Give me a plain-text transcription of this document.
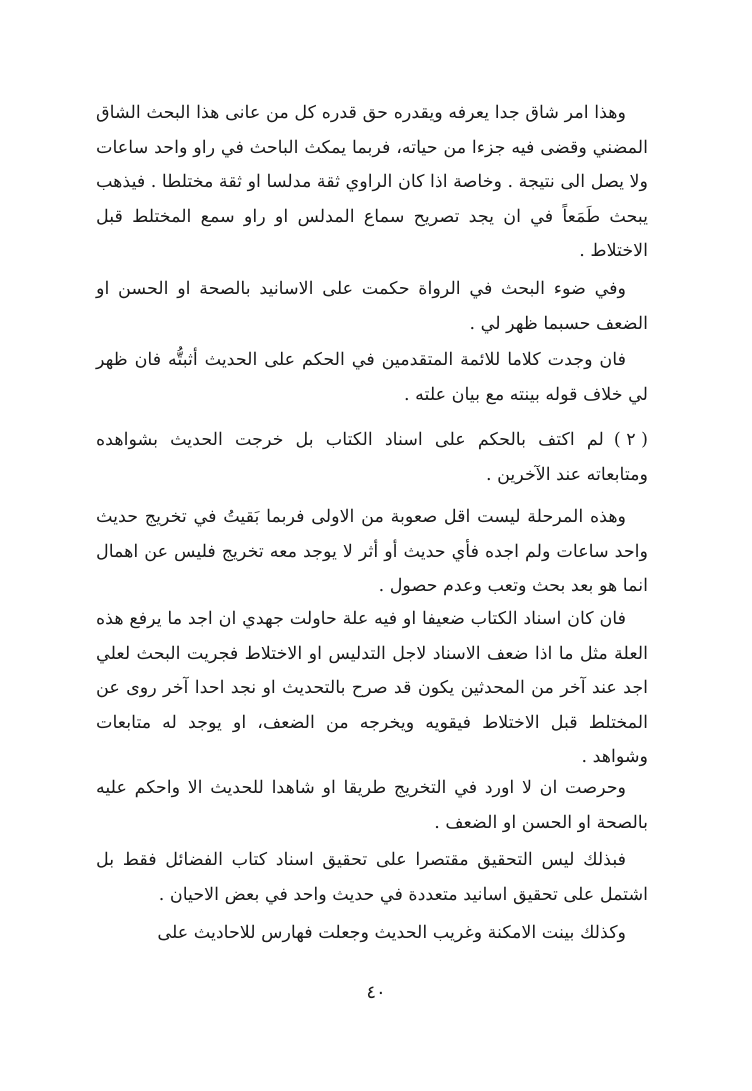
وهذا امر شاق جدا يعرفه ويقدره حق قدره كل من عانى هذا البحث الشاق المضني وقضى فيه جزءا من حياته، فربما يمكث الباحث في راو واحد ساعات ولا يصل الى نتيجة . وخاصة اذا كان الراوي ثقة مدلسا او ثقة مختلطا . فيذهب يبحث طَمَعاً في ان يجد تصريح سماع المدلس او راو سمع المختلط قبل الاختلاط .

وفي ضوء البحث في الرواة حكمت على الاسانيد بالصحة او الحسن او الضعف حسبما ظهر لي .

فان وجدت كلاما للائمة المتقدمين في الحكم على الحديث أثبتُّه فان ظهر لي خلاف قوله بينته مع بيان علته .

( ٢ )لم اكتف بالحكم على اسناد الكتاب بل خرجت الحديث بشواهده ومتابعاته عند الآخرين .

وهذه المرحلة ليست اقل صعوبة من الاولى فربما بَقيتُ في تخريج حديث واحد ساعات ولم اجده فأي حديث أو أثر لا يوجد معه تخريج فليس عن اهمال انما هو بعد بحث وتعب وعدم حصول .

فان كان اسناد الكتاب ضعيفا او فيه علة حاولت جهدي ان اجد ما يرفع هذه العلة مثل ما اذا ضعف الاسناد لاجل التدليس او الاختلاط فجريت البحث لعلي اجد عند آخر من المحدثين يكون قد صرح بالتحديث او نجد احدا آخر روى عن المختلط قبل الاختلاط فيقويه ويخرجه من الضعف، او يوجد له متابعات وشواهد .

وحرصت ان لا اورد في التخريج طريقا او شاهدا للحديث الا واحكم عليه بالصحة او الحسن او الضعف .

فبذلك ليس التحقيق مقتصرا على تحقيق اسناد كتاب الفضائل فقط بل اشتمل على تحقيق اسانيد متعددة في حديث واحد في بعض الاحيان .

وكذلك بينت الامكنة وغريب الحديث وجعلت فهارس للاحاديث على

٤٠
